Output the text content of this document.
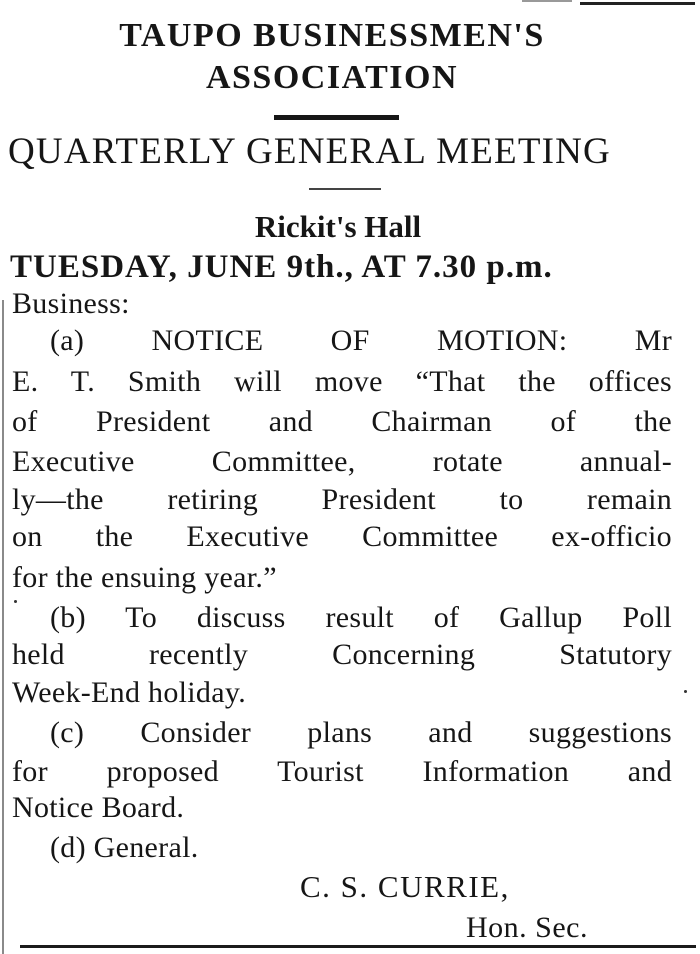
TAUPO BUSINESSMEN'S
ASSOCIATION
QUARTERLY GENERAL MEETING
Rickit's Hall
TUESDAY, JUNE 9th., AT 7.30 p.m.
Business:
(a) NOTICE OF MOTION: Mr
E. T. Smith will move “That the offices
of President and Chairman of the
Executive Committee, rotate annual-
ly—the retiring President to remain
on the Executive Committee ex-officio
for the ensuing year.”
(b) To discuss result of Gallup Poll
held recently Concerning Statutory
Week-End holiday.
(c) Consider plans and suggestions
for proposed Tourist Information and
Notice Board.
(d) General.
C. S. CURRIE,
Hon. Sec.
